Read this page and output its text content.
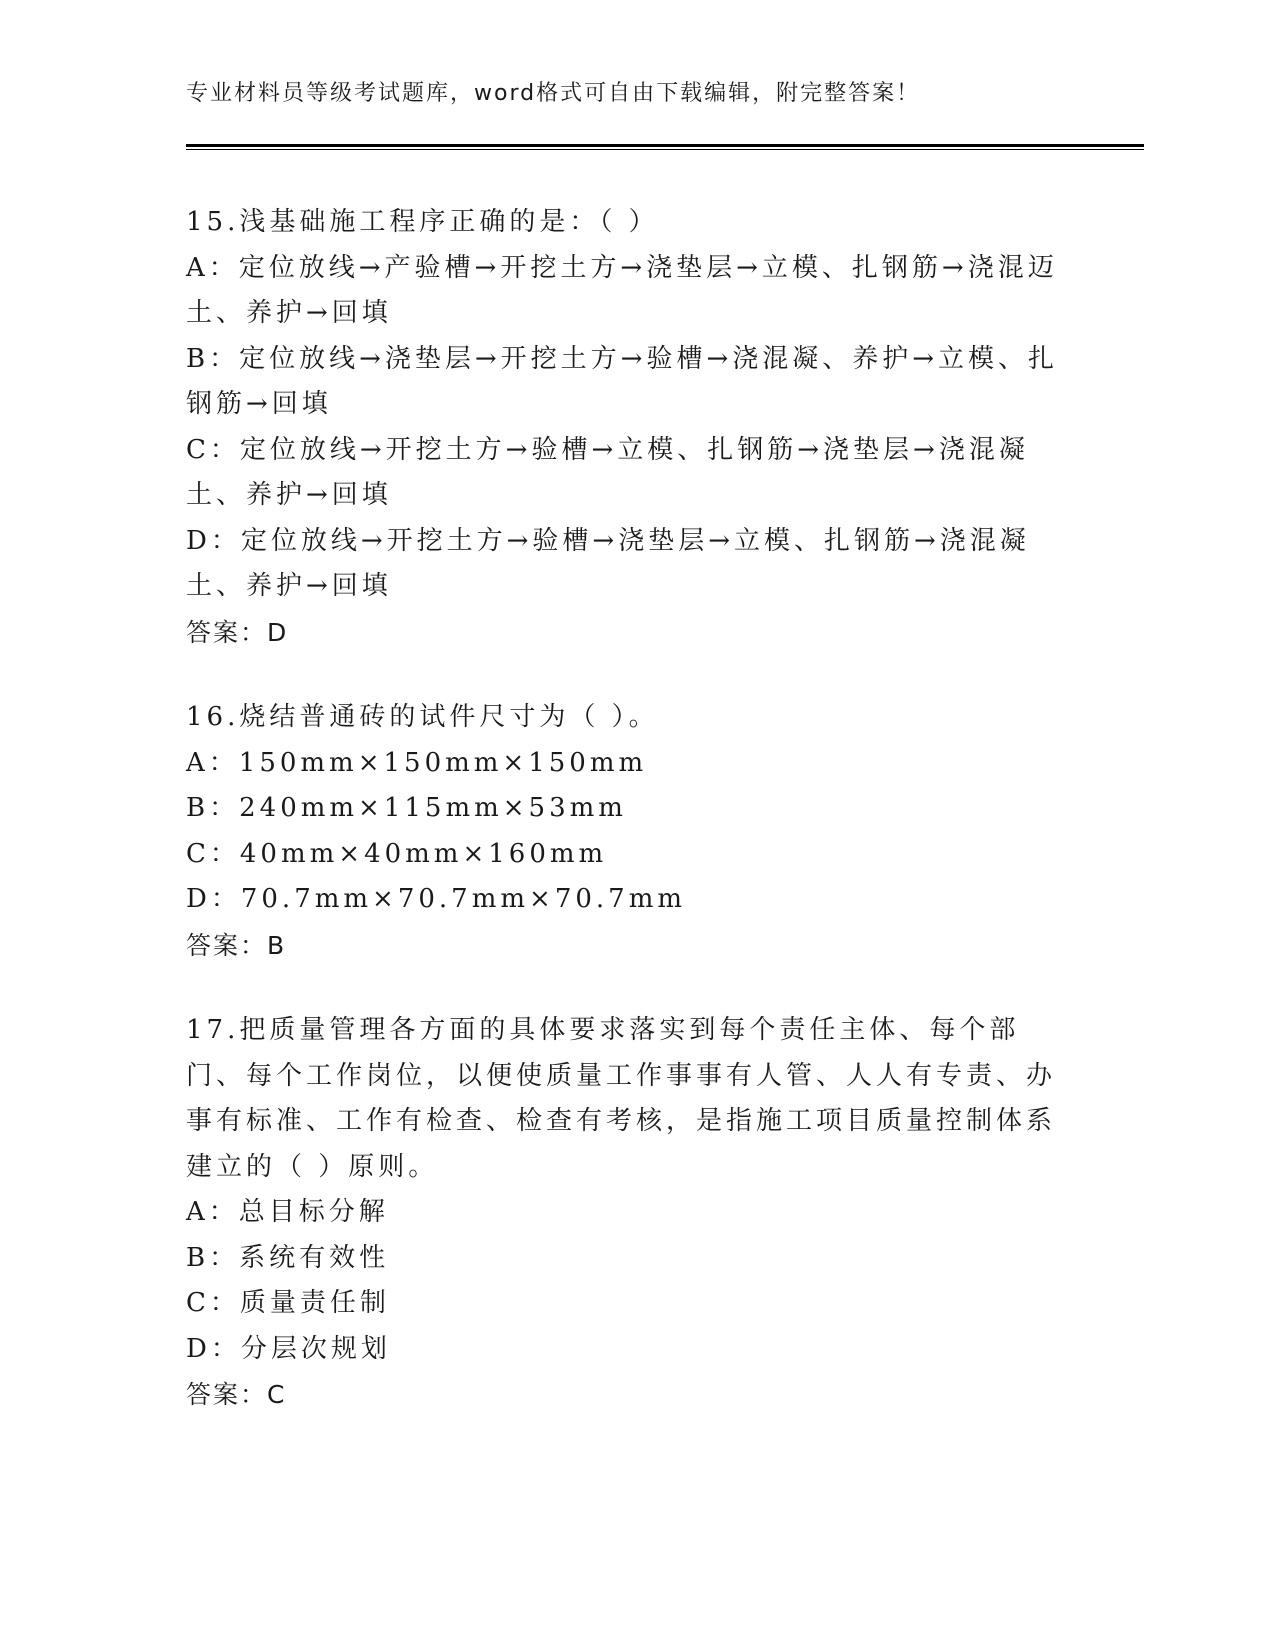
专业材料员等级考试题库，word格式可自由下载编辑，附完整答案！
15.浅基础施工程序正确的是：（ ）
A：定位放线→产验槽→开挖土方→浇垫层→立模、扎钢筋→浇混迈土、养护→回填
B：定位放线→浇垫层→开挖土方→验槽→浇混凝、养护→立模、扎钢筋→回填
C：定位放线→开挖土方→验槽→立模、扎钢筋→浇垫层→浇混凝土、养护→回填
D：定位放线→开挖土方→验槽→浇垫层→立模、扎钢筋→浇混凝土、养护→回填
答案：D
16.烧结普通砖的试件尺寸为（ ）。
A：150mm×150mm×150mm
B：240mm×115mm×53mm
C：40mm×40mm×160mm
D：70.7mm×70.7mm×70.7mm
答案：B
17.把质量管理各方面的具体要求落实到每个责任主体、每个部门、每个工作岗位，以便使质量工作事事有人管、人人有专责、办事有标准、工作有检查、检查有考核，是指施工项目质量控制体系建立的（ ）原则。
A：总目标分解
B：系统有效性
C：质量责任制
D：分层次规划
答案：C
